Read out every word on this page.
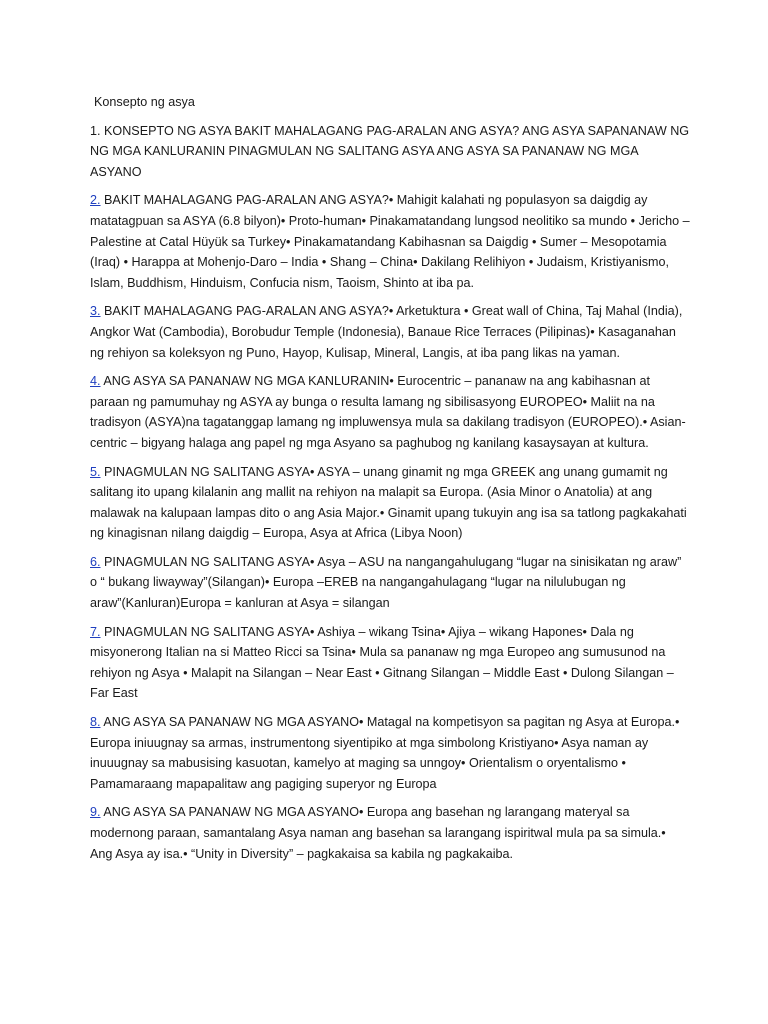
Konsepto ng asya

1. KONSEPTO NG ASYA BAKIT MAHALAGANG PAG-ARALAN ANG ASYA? ANG ASYA SAPANANAW NG NG MGA KANLURANIN PINAGMULAN NG SALITANG ASYA ANG ASYA SA PANANAW NG MGA ASYANO

2. BAKIT MAHALAGANG PAG-ARALAN ANG ASYA?• Mahigit kalahati ng populasyon sa daigdig ay matatagpuan sa ASYA (6.8 bilyon)• Proto-human• Pinakamatandang lungsod neolitiko sa mundo • Jericho – Palestine at Catal Hüyük sa Turkey• Pinakamatandang Kabihasnan sa Daigdig • Sumer – Mesopotamia (Iraq) • Harappa at Mohenjo-Daro – India • Shang – China• Dakilang Relihiyon • Judaism, Kristiyanismo, Islam, Buddhism, Hinduism, Confucia nism, Taoism, Shinto at iba pa.

3. BAKIT MAHALAGANG PAG-ARALAN ANG ASYA?• Arketuktura • Great wall of China, Taj Mahal (India), Angkor Wat (Cambodia), Borobudur Temple (Indonesia), Banaue Rice Terraces (Pilipinas)• Kasaganahan ng rehiyon sa koleksyon ng Puno, Hayop, Kulisap, Mineral, Langis, at iba pang likas na yaman.

4. ANG ASYA SA PANANAW NG MGA KANLURANIN• Eurocentric – pananaw na ang kabihasnan at paraan ng pamumuhay ng ASYA ay bunga o resulta lamang ng sibilisasyong EUROPEO• Maliit na na tradisyon (ASYA)na tagatanggap lamang ng impluwensya mula sa dakilang tradisyon (EUROPEO).• Asian-centric – bigyang halaga ang papel ng mga Asyano sa paghubog ng kanilang kasaysayan at kultura.

5. PINAGMULAN NG SALITANG ASYA• ASYA – unang ginamit ng mga GREEK ang unang gumamit ng salitang ito upang kilalanin ang mallit na rehiyon na malapit sa Europa. (Asia Minor o Anatolia) at ang malawak na kalupaan lampas dito o ang Asia Major.• Ginamit upang tukuyin ang isa sa tatlong pagkakahati ng kinagisnan nilang daigdig – Europa, Asya at Africa (Libya Noon)

6. PINAGMULAN NG SALITANG ASYA• Asya – ASU na nangangahulugang “lugar na sinisikatan ng araw” o “ bukang liwayway”(Silangan)• Europa –EREB na nangangahulagang “lugar na nilulubugan ng araw”(Kanluran)Europa = kanluran at Asya = silangan

7. PINAGMULAN NG SALITANG ASYA• Ashiya – wikang Tsina• Ajiya – wikang Hapones• Dala ng misyonerong Italian na si Matteo Ricci sa Tsina• Mula sa pananaw ng mga Europeo ang sumusunod na rehiyon ng Asya • Malapit na Silangan – Near East • Gitnang Silangan – Middle East • Dulong Silangan – Far East

8. ANG ASYA SA PANANAW NG MGA ASYANO• Matagal na kompetisyon sa pagitan ng Asya at Europa.• Europa iniuugnay sa armas, instrumentong siyentipiko at mga simbolong Kristiyano• Asya naman ay inuuugnay sa mabusising kasuotan, kamelyo at maging sa unngoy• Orientalism o oryentalismo • Pamamaraang mapapalitaw ang pagiging superyor ng Europa

9. ANG ASYA SA PANANAW NG MGA ASYANO• Europa ang basehan ng larangang materyal sa modernong paraan, samantalang Asya naman ang basehan sa larangang ispiritwal mula pa sa simula.• Ang Asya ay isa.• “Unity in Diversity” – pagkakaisa sa kabila ng pagkakaiba.
